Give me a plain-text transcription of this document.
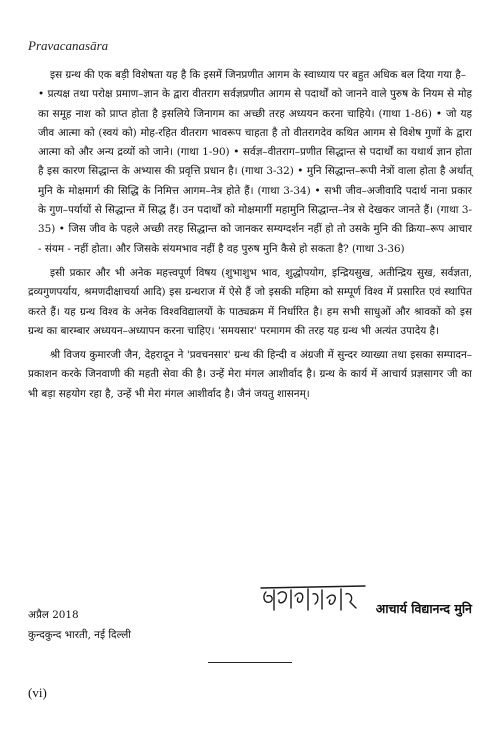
Pravacanasāra

इस ग्रन्थ की एक बड़ी विशेषता यह है कि इसमें जिनप्रणीत आगम के स्वाध्याय पर बहुत अधिक बल दिया गया है–

• प्रत्यक्ष तथा परोक्ष प्रमाण–ज्ञान के द्वारा वीतराग सर्वज्ञप्रणीत आगम से पदार्थों को जानने वाले पुरुष के नियम से मोह का समूह नाश को प्राप्त होता है इसलिये जिनागम का अच्छी तरह अध्ययन करना चाहिये। (गाथा 1-86) • जो यह जीव आत्मा को (स्वयं को) मोह-रहित वीतराग भावरूप चाहता है तो वीतरागदेव कथित आगम से विशेष गुणों के द्वारा आत्मा को और अन्य द्रव्यों को जाने। (गाथा 1-90) • सर्वज्ञ–वीतराग–प्रणीत सिद्धान्त से पदार्थों का यथार्थ ज्ञान होता है इस कारण सिद्धान्त के अभ्यास की प्रवृत्ति प्रधान है। (गाथा 3-32) • मुनि सिद्धान्त–रूपी नेत्रों वाला होता है अर्थात् मुनि के मोक्षमार्ग की सिद्धि के निमित्त आगम–नेत्र होते हैं। (गाथा 3-34) • सभी जीव–अजीवादि पदार्थ नाना प्रकार के गुण–पर्यायों से सिद्धान्त में सिद्ध हैं। उन पदार्थों को मोक्षमार्गी महामुनि सिद्धान्त–नेत्र से देखकर जानते हैं। (गाथा 3-35) • जिस जीव के पहले अच्छी तरह सिद्धान्त को जानकर सम्यग्दर्शन नहीं हो तो उसके मुनि की क्रिया–रूप आचार - संयम - नहीं होता। और जिसके संयमभाव नहीं है वह पुरुष मुनि कैसे हो सकता है? (गाथा 3-36)

इसी प्रकार और भी अनेक महत्त्वपूर्ण विषय (शुभाशुभ भाव, शुद्धोपयोग, इन्द्रियसुख, अतीन्द्रिय सुख, सर्वज्ञता, द्रव्यगुणपर्याय, श्रमणदीक्षाचर्या आदि) इस ग्रन्थराज में ऐसे हैं जो इसकी महिमा को सम्पूर्ण विश्व में प्रसारित एवं स्थापित करते हैं। यह ग्रन्थ विश्व के अनेक विश्वविद्यालयों के पाठ्यक्रम में निर्धारित है। हम सभी साधुओं और श्रावकों को इस ग्रन्थ का बारम्बार अध्ययन–अध्यापन करना चाहिए। 'समयसार' परमागम की तरह यह ग्रन्थ भी अत्यंत उपादेय है।

श्री विजय कुमारजी जैन, देहरादून ने 'प्रवचनसार' ग्रन्थ की हिन्दी व अंग्रजी में सुन्दर व्याख्या तथा इसका सम्पादन–प्रकाशन करके जिनवाणी की महती सेवा की है। उन्हें मेरा मंगल आशीर्वाद है। ग्रन्थ के कार्य में आचार्य प्रज्ञसागर जी का भी बड़ा सहयोग रहा है, उन्हें भी मेरा मंगल आशीर्वाद है। जैनं जयतु शासनम्।

आचार्य विद्यानन्द मुनि
अप्रैल 2018
कुन्दकुन्द भारती, नई दिल्ली
(vi)
